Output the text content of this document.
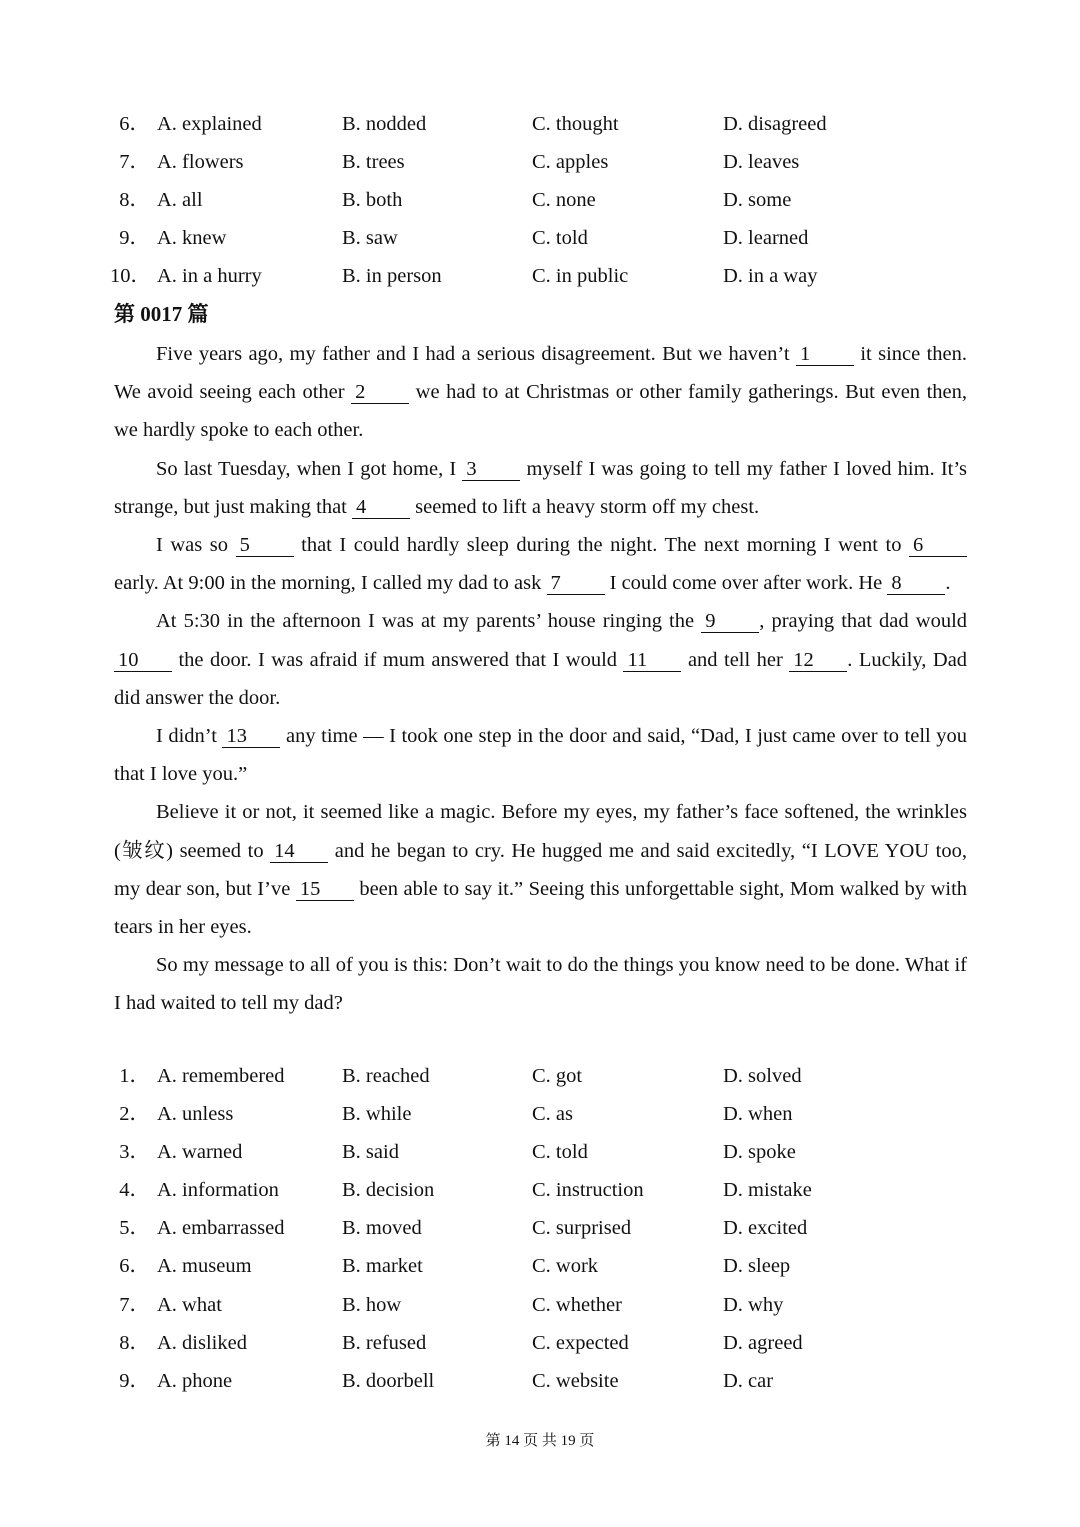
6． A. explained	B. nodded	C. thought	D. disagreed
7． A. flowers	B. trees	C. apples	D. leaves
8． A. all	B. both	C. none	D. some
9． A. knew	B. saw	C. told	D. learned
10． A. in a hurry	B. in person	C. in public	D. in a way
第 0017 篇

Five years ago, my father and I had a serious disagreement. But we haven’t 1 it since then. We avoid seeing each other 2 we had to at Christmas or other family gatherings. But even then, we hardly spoke to each other.

So last Tuesday, when I got home, I 3 myself I was going to tell my father I loved him. It’s strange, but just making that 4 seemed to lift a heavy storm off my chest.

I was so 5	that I could hardly sleep during the night. The next morning I went to 6 early. At 9:00 in the morning, I called my dad to ask 7 I could come over after work. He 8 .

At 5:30 in the afternoon I was at my parents’ house ringing the 9 , praying that dad would 10 the door. I was afraid if mum answered that I would 11 and tell her 12 . Luckily, Dad did answer the door.

I didn’t 13 any time — I took one step in the door and said, “Dad, I just came over to tell you that I love you.”

Believe it or not, it seemed like a magic. Before my eyes, my father’s face softened, the wrinkles (皱纹) seemed to 14 and he began to cry. He hugged me and said excitedly, “I LOVE YOU too, my dear son, but I’ve 15 been able to say it.” Seeing this unforgettable sight, Mom walked by with tears in her eyes.

So my message to all of you is this: Don’t wait to do the things you know need to be done. What if I had waited to tell my dad?

1． A. remembered	B. reached	C. got	D. solved
2． A. unless	B. while	C. as	D. when
3． A. warned	B. said	C. told	D. spoke
4． A. information	B. decision	C. instruction	D. mistake
5． A. embarrassed	B. moved	C. surprised	D. excited
6． A. museum	B. market	C. work	D. sleep
7． A. what	B. how	C. whether	D. why
8． A. disliked	B. refused	C. expected	D. agreed
9． A. phone	B. doorbell	C. website	D. car
第 14 页 共 19 页
